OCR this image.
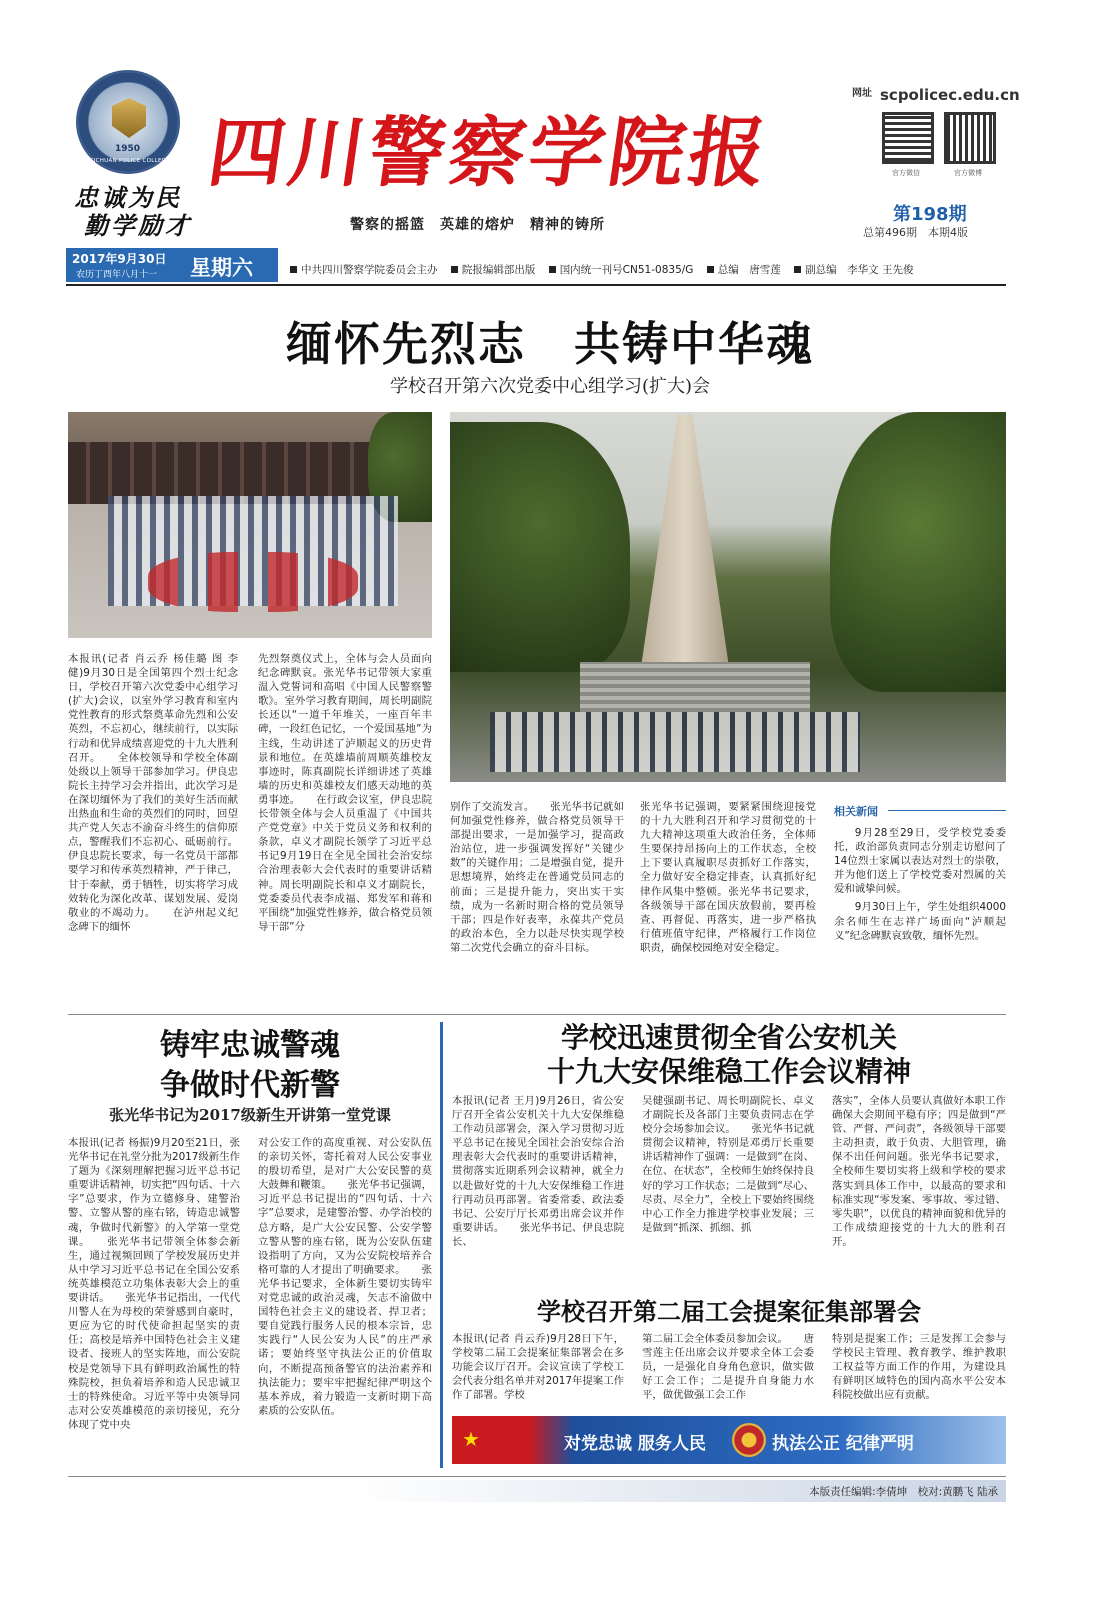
1950
SICHUAN POLICE COLLEGE
忠诚为民
勤学励才
四川警察学院报
警察的摇篮　英雄的熔炉　精神的铸所
网址 scpolicec.edu.cn
官方微信	官方微博
第198期
总第496期　本期4版
2017年9月30日
农历丁酉年八月十一 星期六	中共四川警察学院委员会主办 院报编辑部出版 国内统一刊号CN51-0835/G 总编　唐雪莲 副总编　李华文 王先俊
缅怀先烈志　共铸中华魂
学校召开第六次党委中心组学习(扩大)会

本报讯(记者 肖云乔 杨佳璐 图 李健)9月30日是全国第四个烈士纪念日，学校召开第六次党委中心组学习(扩大)会议，以室外学习教育和室内党性教育的形式祭奠革命先烈和公安英烈，不忘初心，继续前行，以实际行动和优异成绩喜迎党的十九大胜利召开。　　全体校领导和学校全体副处级以上领导干部参加学习。伊良忠院长主持学习会并指出，此次学习是在深切缅怀为了我们的美好生活而献出热血和生命的英烈们的同时，回望共产党人矢志不渝奋斗终生的信仰原点，警醒我们不忘初心、砥砺前行。伊良忠院长要求，每一名党员干部都要学习和传承英烈精神，严于律己，甘于奉献，勇于牺牲，切实将学习成效转化为深化改革、谋划发展、爱岗敬业的不竭动力。　　在泸州起义纪念碑下的缅怀

先烈祭奠仪式上，全体与会人员面向纪念碑默哀。张光华书记带领大家重温入党誓词和高唱《中国人民警察警歌》。室外学习教育期间，周长明副院长还以“一道千年堆关，一座百年丰碑，一段红色记忆，一个爱国基地”为主线，生动讲述了泸顺起义的历史背景和地位。在英雄墙前周顺英雄校友事迹时，陈真副院长详细讲述了英雄墙的历史和英雄校友们感天动地的英勇事迹。　　在行政会议室，伊良忠院长带领全体与会人员重温了《中国共产党党章》中关于党员义务和权利的条款，卓义才副院长领学了习近平总书记9月19日在全见全国社会治安综合治理表彰大会代表时的重要讲话精神。周长明副院长和卓义才副院长，党委委员代表李成福、郑发军和蒋和平围绕“加强党性修养，做合格党员领导干部”分

别作了交流发言。　　张光华书记就如何加强党性修养，做合格党员领导干部提出要求，一是加强学习，提高政治站位，进一步强调发挥好“关键少数”的关键作用；二是增强自觉，提升思想境界，始终走在普通党员同志的前面；三是提升能力，突出实干实绩，成为一名新时期合格的党员领导干部；四是作好表率，永葆共产党员的政治本色，全力以赴尽快实现学校第二次党代会确立的奋斗目标。

张光华书记强调，要紧紧围绕迎接党的十九大胜利召开和学习贯彻党的十九大精神这项重大政治任务，全体师生要保持昂扬向上的工作状态，全校上下要认真履职尽责抓好工作落实，全力做好安全稳定排查，认真抓好纪律作风集中整顿。张光华书记要求，各级领导干部在国庆放假前，要再检查、再督促、再落实，进一步严格执行值班值守纪律，严格履行工作岗位职责，确保校园绝对安全稳定。

相关新闻

9月28至29日，受学校党委委托，政治部负责同志分别走访慰问了14位烈士家属以表达对烈士的崇敬，并为他们送上了学校党委对烈属的关爱和诚挚问候。

9月30日上午，学生处组织4000余名师生在志祥广场面向“泸顺起义”纪念碑默哀致敬，缅怀先烈。

铸牢忠诚警魂
争做时代新警
张光华书记为2017级新生开讲第一堂党课

本报讯(记者 杨振)9月20至21日，张光华书记在礼堂分批为2017级新生作了题为《深刻理解把握习近平总书记重要讲话精神，切实把“四句话、十六字”总要求，作为立德修身、建警治警、立警从警的座右铭，铸造忠诚警魂，争做时代新警》的入学第一堂党课。　　张光华书记带领全体参会新生，通过视频回顾了学校发展历史并从中学习习近平总书记在全国公安系统英雄模范立功集体表彰大会上的重要讲话。　　张光华书记指出，一代代川警人在为母校的荣誉感到自豪时，更应为它的时代使命担起坚实的责任；高校是培养中国特色社会主义建设者、接班人的坚实阵地，而公安院校是党领导下具有鲜明政治属性的特殊院校，担负着培养和造人民忠诚卫士的特殊使命。习近平等中央领导同志对公安英雄模范的亲切接见，充分体现了党中央

对公安工作的高度重视、对公安队伍的亲切关怀，寄托着对人民公安事业的殷切希望，是对广大公安民警的莫大鼓舞和鞭策。　　张光华书记强调，习近平总书记提出的“四句话、十六字”总要求，是建警治警、办学治校的总方略，是广大公安民警、公安学警立警从警的座右铭，既为公安队伍建设指明了方向，又为公安院校培养合格可靠的人才提出了明确要求。　　张光华书记要求，全体新生要切实铸牢对党忠诚的政治灵魂，矢志不渝做中国特色社会主义的建设者、捍卫者；要自觉践行服务人民的根本宗旨，忠实践行“人民公安为人民”的庄严承诺；要始终坚守执法公正的价值取向，不断提高预备警官的法治素养和执法能力；要牢牢把握纪律严明这个基本养成，着力锻造一支新时期下高素质的公安队伍。

学校迅速贯彻全省公安机关
十九大安保维稳工作会议精神

本报讯(记者 王月)9月26日，省公安厅召开全省公安机关十九大安保维稳工作动员部署会，深入学习贯彻习近平总书记在接见全国社会治安综合治理表彰大会代表时的重要讲话精神，贯彻落实近期系列会议精神，就全力以赴做好党的十九大安保维稳工作进行再动员再部署。省委常委、政法委书记、公安厅厅长邓勇出席会议并作重要讲话。　　张光华书记、伊良忠院长、

吴健强副书记、周长明副院长、卓义才副院长及各部门主要负责同志在学校分会场参加会议。　　张光华书记就贯彻会议精神，特别是邓勇厅长重要讲话精神作了强调：一是做到“在岗、在位、在状态”，全校师生始终保持良好的学习工作状态；二是做到“尽心、尽责、尽全力”，全校上下要始终围绕中心工作全力推进学校事业发展；三是做到“抓深、抓细、抓

落实”，全体人员要认真做好本职工作确保大会期间平稳有序；四是做到“严管、严督、严问责”，各级领导干部要主动担责，敢于负责、大胆管理，确保不出任何问题。张光华书记要求，全校师生要切实将上级和学校的要求落实到具体工作中，以最高的要求和标准实现“零发案、零事故、零过错、零失职”，以优良的精神面貌和优异的工作成绩迎接党的十九大的胜利召开。

学校召开第二届工会提案征集部署会

本报讯(记者 肖云乔)9月28日下午，学校第二届工会提案征集部署会在多功能会议厅召开。会议宣读了学校工会代表分组名单并对2017年提案工作作了部署。学校

第二届工会全体委员参加会议。　　唐雪莲主任出席会议并要求全体工会委员，一是强化自身角色意识，做实做好工会工作；二是提升自身能力水平，做优做强工会工作

特别是提案工作；三是发挥工会参与学校民主管理、教育教学、维护教职工权益等方面工作的作用，为建设具有鲜明区域特色的国内高水平公安本科院校做出应有贡献。

★	对党忠诚 服务人民	执法公正 纪律严明
本版责任编辑:李倩坤　校对:黄鹏飞 陆承
